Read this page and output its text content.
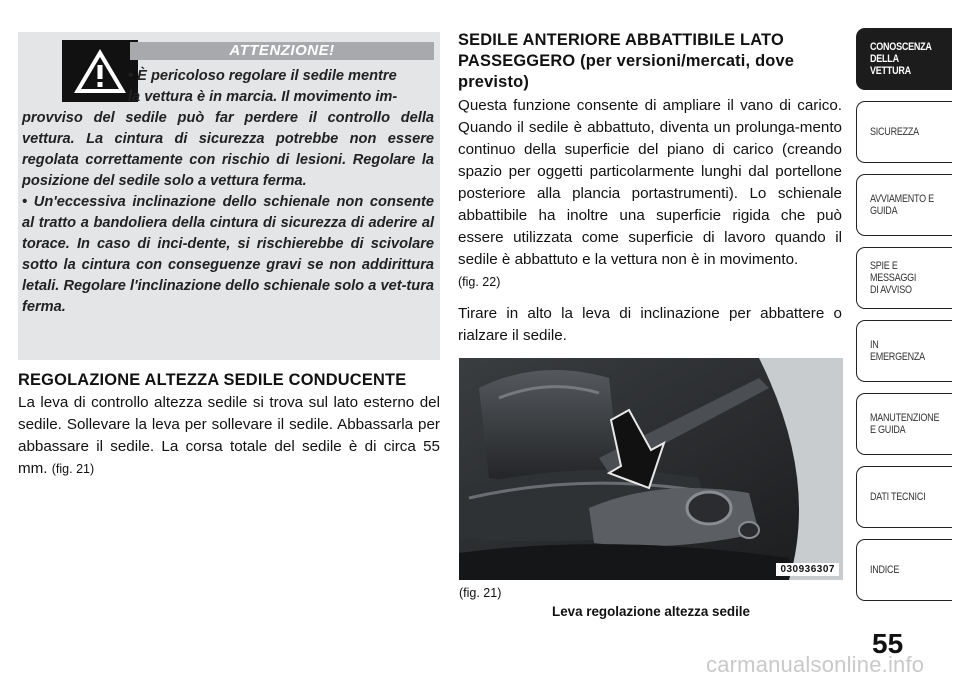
ATTENZIONE!
• È pericoloso regolare il sedile mentre
la vettura è in marcia. Il movimento im-
provviso del sedile può far perdere il controllo della vettura. La cintura di sicurezza potrebbe non essere regolata correttamente con rischio di lesioni. Regolare la posizione del sedile solo a vettura ferma.
• Un'eccessiva inclinazione dello schienale non consente al tratto a bandoliera della cintura di sicurezza di aderire al torace. In caso di inci-dente, si rischierebbe di scivolare sotto la cintura con conseguenze gravi se non addirittura letali. Regolare l'inclinazione dello schienale solo a vet-tura ferma.
REGOLAZIONE ALTEZZA SEDILE CONDUCENTE

La leva di controllo altezza sedile si trova sul lato esterno del sedile. Sollevare la leva per sollevare il sedile. Abbassarla per abbassare il sedile. La corsa totale del sedile è di circa 55 mm. (fig. 21)

SEDILE ANTERIORE ABBATTIBILE LATO PASSEGGERO (per versioni/mercati, dove previsto)

Questa funzione consente di ampliare il vano di carico. Quando il sedile è abbattuto, diventa un prolunga-mento continuo della superficie del piano di carico (creando spazio per oggetti particolarmente lunghi dal portellone posteriore alla plancia portastrumenti). Lo schienale abbattibile ha inoltre una superficie rigida che può essere utilizzata come superficie di lavoro quando il sedile è abbattuto e la vettura non è in movimento.
(fig. 22)

Tirare in alto la leva di inclinazione per abbattere o rialzare il sedile.

030936307
(fig. 21)
Leva regolazione altezza sedile
CONOSCENZA
DELLA VETTURA
SICUREZZA
AVVIAMENTO E
GUIDA
SPIE E
MESSAGGI
DI AVVISO
IN
EMERGENZA
MANUTENZIONE
E GUIDA
DATI TECNICI
INDICE
55
carmanualsonline.info
